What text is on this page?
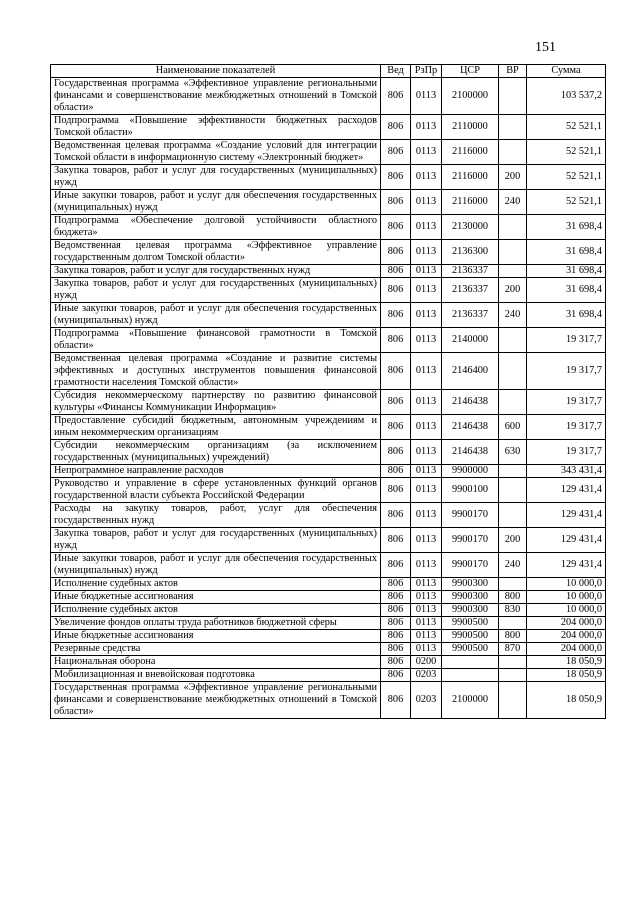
151
Наименование показателей	Вед	РзПр	ЦСР	ВР	Сумма
Государственная программа «Эффективное управление региональными финансами и совершенствование межбюджетных отношений в Томской области»	806	0113	2100000		103 537,2
Подпрограмма «Повышение эффективности бюджетных расходов Томской области»	806	0113	2110000		52 521,1
Ведомственная целевая программа «Создание условий для интеграции Томской области в информационную систему «Электронный бюджет»	806	0113	2116000		52 521,1
Закупка товаров, работ и услуг для государственных (муниципальных) нужд	806	0113	2116000	200	52 521,1
Иные закупки товаров, работ и услуг для обеспечения государственных (муниципальных) нужд	806	0113	2116000	240	52 521,1
Подпрограмма «Обеспечение долговой устойчивости областного бюджета»	806	0113	2130000		31 698,4
Ведомственная целевая программа «Эффективное управление государственным долгом Томской области»	806	0113	2136300		31 698,4
Закупка товаров, работ и услуг для государственных нужд	806	0113	2136337		31 698,4
Закупка товаров, работ и услуг для государственных (муниципальных) нужд	806	0113	2136337	200	31 698,4
Иные закупки товаров, работ и услуг для обеспечения государственных (муниципальных) нужд	806	0113	2136337	240	31 698,4
Подпрограмма «Повышение финансовой грамотности в Томской области»	806	0113	2140000		19 317,7
Ведомственная целевая программа «Создание и развитие системы эффективных и доступных инструментов повышения финансовой грамотности населения Томской области»	806	0113	2146400		19 317,7
Субсидия некоммерческому партнерству по развитию финансовой культуры «Финансы Коммуникации Информация»	806	0113	2146438		19 317,7
Предоставление субсидий бюджетным, автономным учреждениям и иным некоммерческим организациям	806	0113	2146438	600	19 317,7
Субсидии некоммерческим организациям (за исключением государственных (муниципальных) учреждений)	806	0113	2146438	630	19 317,7
Непрограммное направление расходов	806	0113	9900000		343 431,4
Руководство и управление в сфере установленных функций органов государственной власти субъекта Российской Федерации	806	0113	9900100		129 431,4
Расходы на закупку товаров, работ, услуг для обеспечения государственных нужд	806	0113	9900170		129 431,4
Закупка товаров, работ и услуг для государственных (муниципальных) нужд	806	0113	9900170	200	129 431,4
Иные закупки товаров, работ и услуг для обеспечения государственных (муниципальных) нужд	806	0113	9900170	240	129 431,4
Исполнение судебных актов	806	0113	9900300		10 000,0
Иные бюджетные ассигнования	806	0113	9900300	800	10 000,0
Исполнение судебных актов	806	0113	9900300	830	10 000,0
Увеличение фондов оплаты труда работников бюджетной сферы	806	0113	9900500		204 000,0
Иные бюджетные ассигнования	806	0113	9900500	800	204 000,0
Резервные средства	806	0113	9900500	870	204 000,0
Национальная оборона	806	0200			18 050,9
Мобилизационная и вневойсковая подготовка	806	0203			18 050,9
Государственная программа «Эффективное управление региональными финансами и совершенствование межбюджетных отношений в Томской области»	806	0203	2100000		18 050,9
